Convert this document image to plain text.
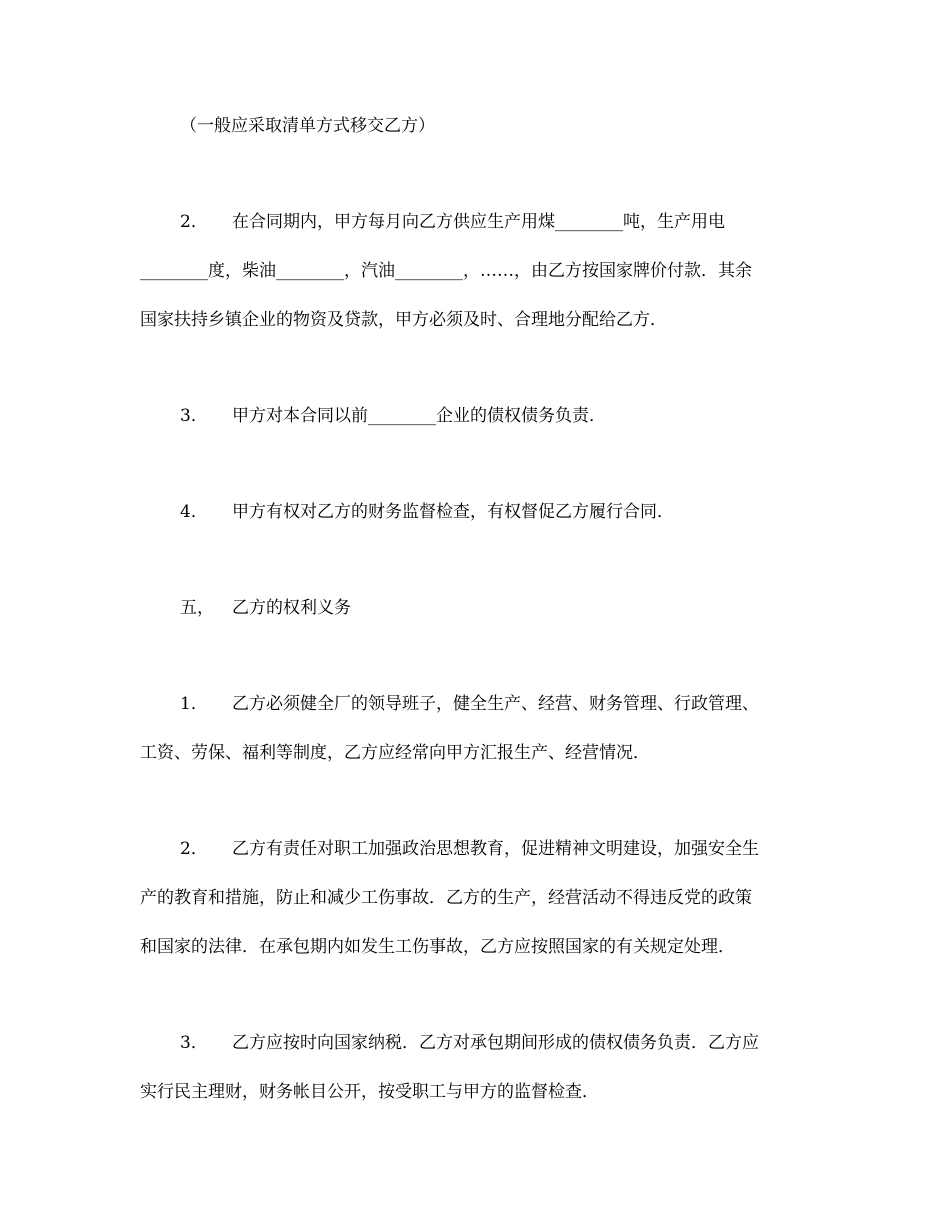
（一般应采取清单方式移交乙方）
2． 在合同期内，甲方每月向乙方供应生产用煤________吨，生产用电
________度，柴油________，汽油________，……，由乙方按国家牌价付款．其余
国家扶持乡镇企业的物资及贷款，甲方必须及时、合理地分配给乙方．
3． 甲方对本合同以前________企业的债权债务负责．
4． 甲方有权对乙方的财务监督检查，有权督促乙方履行合同．
五， 乙方的权利义务
1． 乙方必须健全厂的领导班子，健全生产、经营、财务管理、行政管理、
工资、劳保、福利等制度，乙方应经常向甲方汇报生产、经营情况．
2． 乙方有责任对职工加强政治思想教育，促进精神文明建设，加强安全生
产的教育和措施，防止和减少工伤事故．乙方的生产，经营活动不得违反党的政策
和国家的法律．在承包期内如发生工伤事故，乙方应按照国家的有关规定处理．
3． 乙方应按时向国家纳税．乙方对承包期间形成的债权债务负责．乙方应
实行民主理财，财务帐目公开，按受职工与甲方的监督检查．
